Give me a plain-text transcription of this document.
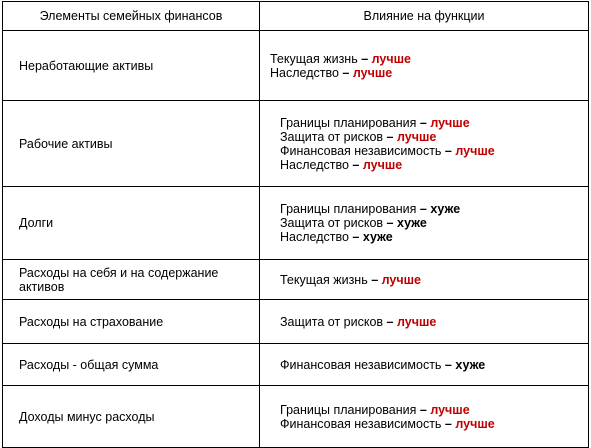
Элементы семейных финансов	Влияние на функции
Неработающие активы	Текущая жизнь – лучше
Наследство – лучше

Рабочие активы	Границы планирования – лучше
Защита от рисков – лучше
Финансовая независимость – лучше
Наследство – лучше

Долги	Границы планирования – хуже
Защита от рисков – хуже
Наследство – хуже

Расходы на себя и на содержание активов	Текущая жизнь – лучше

Расходы на страхование	Защита от рисков – лучше

Расходы - общая сумма	Финансовая независимость – хуже

Доходы минус расходы	Границы планирования – лучше
Финансовая независимость – лучше
